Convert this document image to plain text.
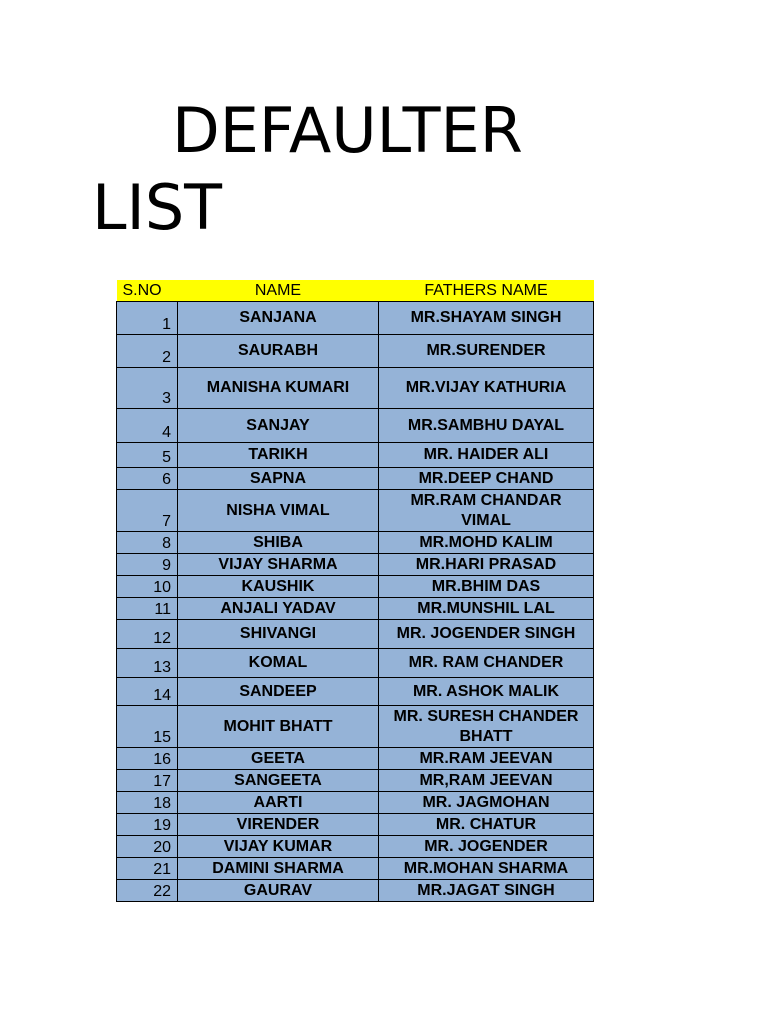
DEFAULTER
LIST
S.NO	NAME	FATHERS NAME
1	SANJANA	MR.SHAYAM SINGH
2	SAURABH	MR.SURENDER
3	MANISHA KUMARI	MR.VIJAY KATHURIA
4	SANJAY	MR.SAMBHU DAYAL
5	TARIKH	MR. HAIDER ALI
6	SAPNA	MR.DEEP CHAND
7	NISHA VIMAL	MR.RAM CHANDAR VIMAL
8	SHIBA	MR.MOHD KALIM
9	VIJAY SHARMA	MR.HARI PRASAD
10	KAUSHIK	MR.BHIM DAS
11	ANJALI YADAV	MR.MUNSHIL LAL
12	SHIVANGI	MR. JOGENDER SINGH
13	KOMAL	MR. RAM CHANDER
14	SANDEEP	MR. ASHOK MALIK
15	MOHIT BHATT	MR. SURESH CHANDER BHATT
16	GEETA	MR.RAM JEEVAN
17	SANGEETA	MR,RAM JEEVAN
18	AARTI	MR. JAGMOHAN
19	VIRENDER	MR. CHATUR
20	VIJAY KUMAR	MR. JOGENDER
21	DAMINI SHARMA	MR.MOHAN SHARMA
22	GAURAV	MR.JAGAT SINGH
